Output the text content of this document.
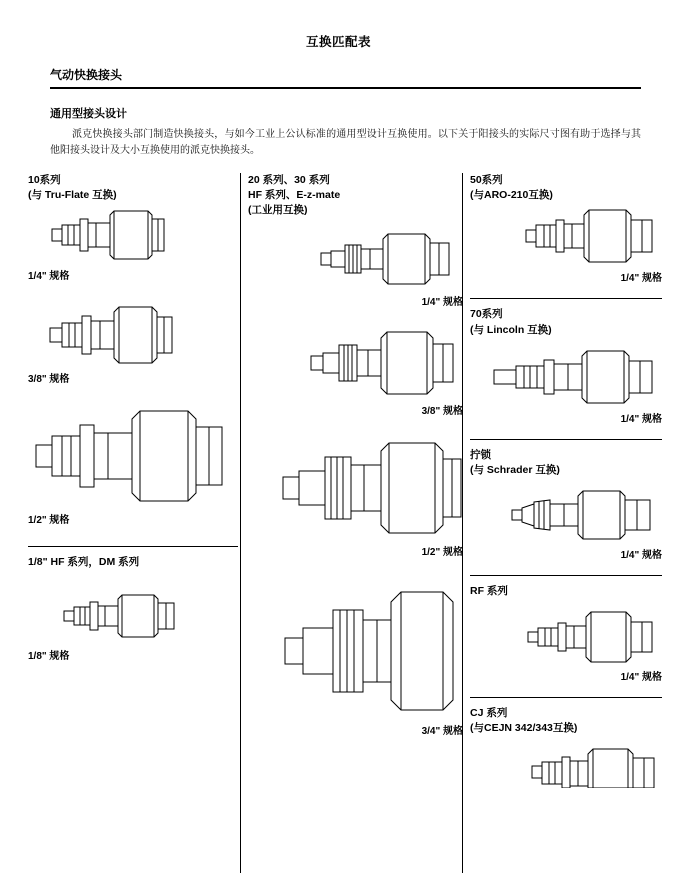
互换匹配表
气动快换接头
通用型接头设计
派克快换接头部门制造快换接头，与如今工业上公认标准的通用型设计互换使用。以下关于阳接头的实际尺寸图有助于选择与其他阳接头设计及大小互换使用的派克快换接头。
10系列
(与 Tru-Flate 互换)
1/4" 规格
3/8" 规格
1/2" 规格
1/8" HF 系列，DM 系列
1/8" 规格
20 系列、30 系列
HF 系列、E-z-mate
(工业用互换)
1/4" 规格
3/8" 规格
1/2" 规格
3/4" 规格
50系列
(与ARO-210互换)
1/4" 规格
70系列
(与 Lincoln 互换)
1/4" 规格
拧锁
(与 Schrader 互换)
1/4" 规格
RF 系列
1/4" 规格
CJ 系列
(与CEJN 342/343互换)
